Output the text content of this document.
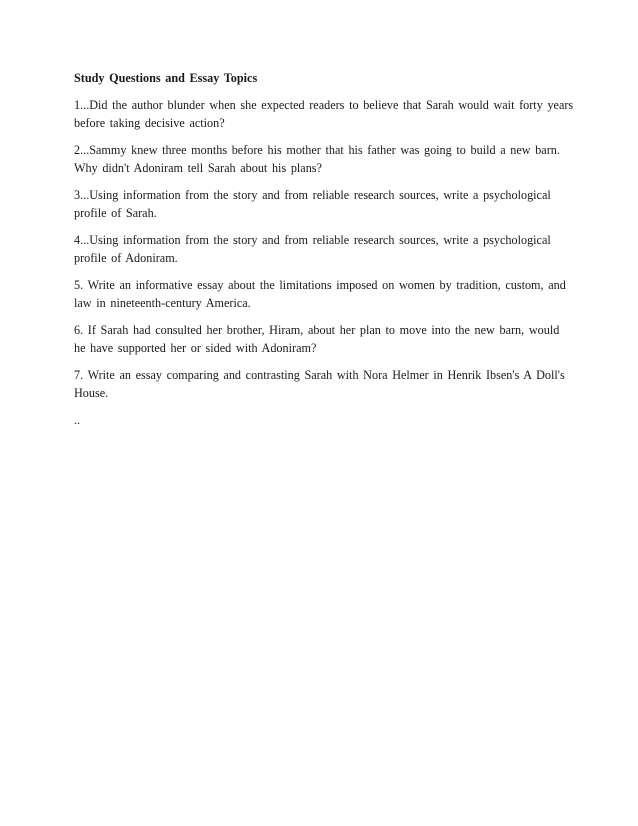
Study Questions and Essay Topics

1...Did the author blunder when she expected readers to believe that Sarah would wait forty years
before taking decisive action?
2...Sammy knew three months before his mother that his father was going to build a new barn.
Why didn't Adoniram tell Sarah about his plans?
3...Using information from the story and from reliable research sources, write a psychological
profile of Sarah.
4...Using information from the story and from reliable research sources, write a psychological
profile of Adoniram.
5. Write an informative essay about the limitations imposed on women by tradition, custom, and
law in nineteenth-century America.
6. If Sarah had consulted her brother, Hiram, about her plan to move into the new barn, would
he have supported her or sided with Adoniram?
7. Write an essay comparing and contrasting Sarah with Nora Helmer in Henrik Ibsen's A Doll's
House.

..
